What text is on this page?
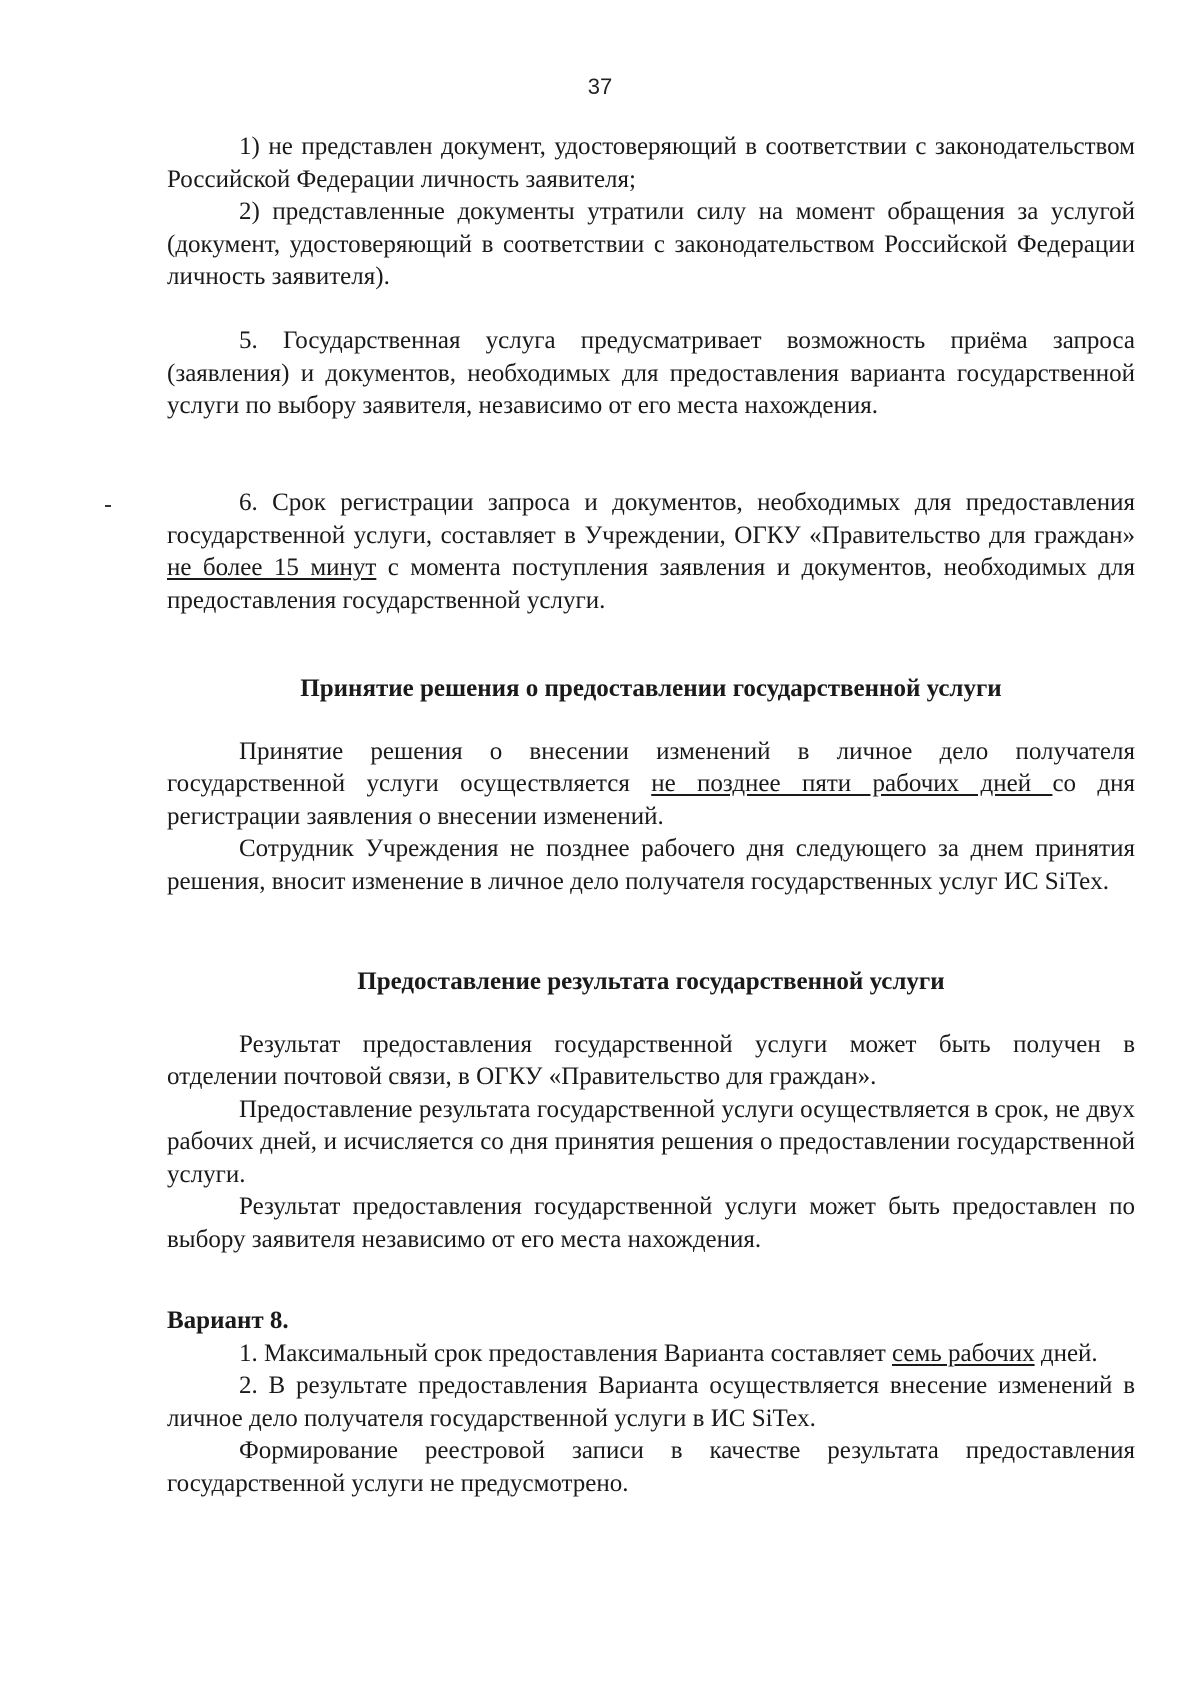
37

1) не представлен документ, удостоверяющий в соответствии с законодательством Российской Федерации личность заявителя;

2) представленные документы утратили силу на момент обращения за услугой (документ, удостоверяющий в соответствии с законодательством Российской Федерации личность заявителя).

5. Государственная услуга предусматривает возможность приёма запроса (заявления) и документов, необходимых для предоставления варианта государственной услуги по выбору заявителя, независимо от его места нахождения.

6. Срок регистрации запроса и документов, необходимых для предоставления государственной услуги, составляет в Учреждении, ОГКУ «Правительство для граждан» не более 15 минут с момента поступления заявления и документов, необходимых для предоставления государственной услуги.

Принятие решения о предоставлении государственной услуги

Принятие решения о внесении изменений в личное дело получателя государственной услуги осуществляется не позднее пяти рабочих дней со дня регистрации заявления о внесении изменений.

Сотрудник Учреждения не позднее рабочего дня следующего за днем принятия решения, вносит изменение в личное дело получателя государственных услуг ИС SiTex.

Предоставление результата государственной услуги

Результат предоставления государственной услуги может быть получен в отделении почтовой связи, в ОГКУ «Правительство для граждан».

Предоставление результата государственной услуги осуществляется в срок, не двух рабочих дней, и исчисляется со дня принятия решения о предоставлении государственной услуги.

Результат предоставления государственной услуги может быть предоставлен по выбору заявителя независимо от его места нахождения.

Вариант 8.

1. Максимальный срок предоставления Варианта составляет семь рабочих дней.

2. В результате предоставления Варианта осуществляется внесение изменений в личное дело получателя государственной услуги в ИС SiTex.

Формирование реестровой записи в качестве результата предоставления государственной услуги не предусмотрено.
